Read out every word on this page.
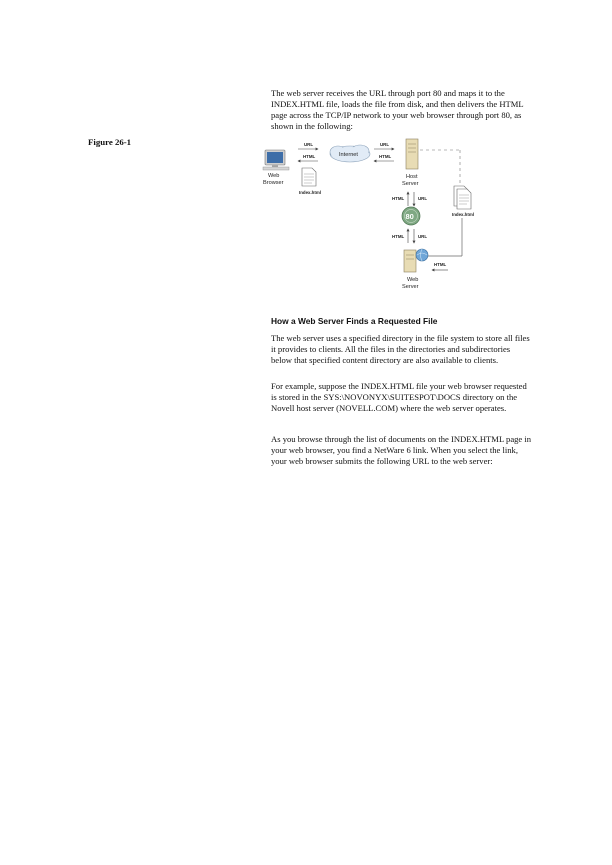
The web server receives the URL through port 80 and maps it to the INDEX.HTML file, loads the file from disk, and then delivers the HTML page across the TCP/IP network to your web browser through port 80, as shown in the following:

Figure 26-1
Web
Browser
Index.html
URL
HTML	Internet
URL
HTML
Host
Server
HTML	URL
80
HTML	URL
Index.html
HTML
Web
Server
How a Web Server Finds a Requested File

The web server uses a specified directory in the file system to store all files it provides to clients. All the files in the directories and subdirectories below that specified content directory are also available to clients.

For example, suppose the INDEX.HTML file your web browser requested is stored in the SYS:\NOVONYX\SUITESPOT\DOCS directory on the Novell host server (NOVELL.COM) where the web server operates.

As you browse through the list of documents on the INDEX.HTML page in your web browser, you find a NetWare 6 link. When you select the link, your web browser submits the following URL to the web server:
